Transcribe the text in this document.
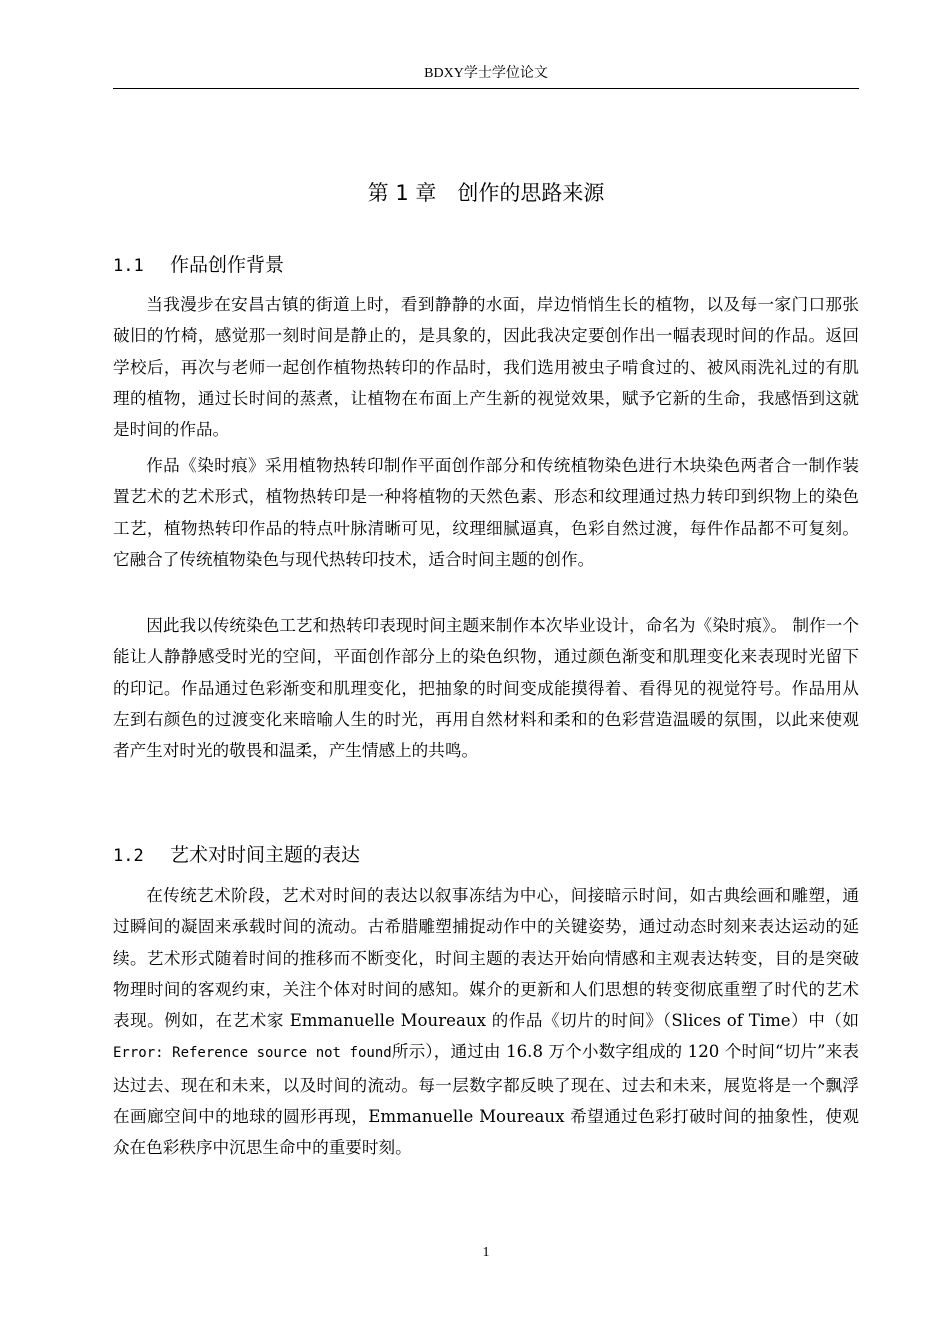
BDXY学士学位论文
第 1 章　创作的思路来源
1.1 作品创作背景

当我漫步在安昌古镇的街道上时，看到静静的水面，岸边悄悄生长的植物，以及每一家门口那张破旧的竹椅，感觉那一刻时间是静止的，是具象的，因此我决定要创作出一幅表现时间的作品。返回学校后，再次与老师一起创作植物热转印的作品时，我们选用被虫子啃食过的、被风雨洗礼过的有肌理的植物，通过长时间的蒸煮，让植物在布面上产生新的视觉效果，赋予它新的生命，我感悟到这就是时间的作品。

作品《染时痕》采用植物热转印制作平面创作部分和传统植物染色进行木块染色两者合一制作装置艺术的艺术形式，植物热转印是一种将植物的天然色素、形态和纹理通过热力转印到织物上的染色工艺，植物热转印作品的特点叶脉清晰可见，纹理细腻逼真，色彩自然过渡，每件作品都不可复刻。它融合了传统植物染色与现代热转印技术，适合时间主题的创作。

因此我以传统染色工艺和热转印表现时间主题来制作本次毕业设计，命名为《染时痕》。 制作一个能让人静静感受时光的空间，平面创作部分上的染色织物，通过颜色渐变和肌理变化来表现时光留下的印记。作品通过色彩渐变和肌理变化，把抽象的时间变成能摸得着、看得见的视觉符号。作品用从左到右颜色的过渡变化来暗喻人生的时光，再用自然材料和柔和的色彩营造温暖的氛围，以此来使观者产生对时光的敬畏和温柔，产生情感上的共鸣。

1.2 艺术对时间主题的表达

在传统艺术阶段，艺术对时间的表达以叙事冻结为中心，间接暗示时间，如古典绘画和雕塑，通过瞬间的凝固来承载时间的流动。古希腊雕塑捕捉动作中的关键姿势，通过动态时刻来表达运动的延续。艺术形式随着时间的推移而不断变化，时间主题的表达开始向情感和主观表达转变，目的是突破物理时间的客观约束，关注个体对时间的感知。媒介的更新和人们思想的转变彻底重塑了时代的艺术表现。例如，在艺术家 Emmanuelle Moureaux 的作品《切片的时间》（Slices of Time）中（如Error: Reference source not found所示），通过由 16.8 万个小数字组成的 120 个时间“切片”来表达过去、现在和未来，以及时间的流动。每一层数字都反映了现在、过去和未来，展览将是一个飘浮在画廊空间中的地球的圆形再现，Emmanuelle Moureaux 希望通过色彩打破时间的抽象性，使观众在色彩秩序中沉思生命中的重要时刻。

1
